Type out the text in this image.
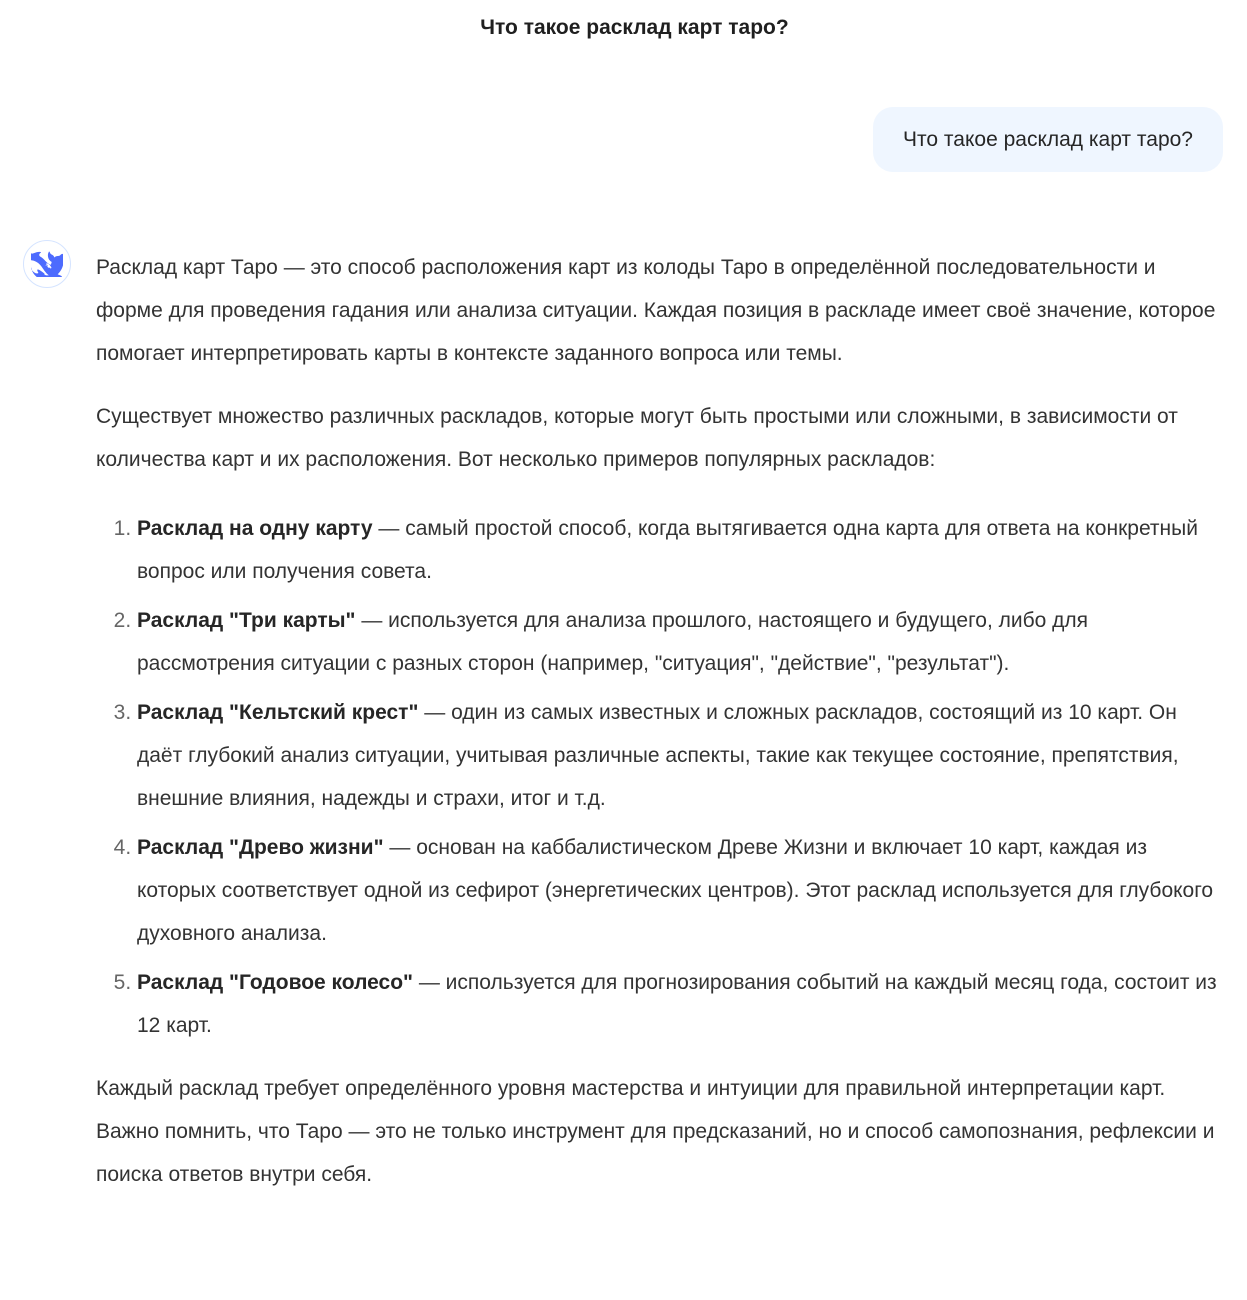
Что такое расклад карт таро?
Что такое расклад карт таро?

Расклад карт Таро — это способ расположения карт из колоды Таро в определённой последовательности и форме для проведения гадания или анализа ситуации. Каждая позиция в раскладе имеет своё значение, которое помогает интерпретировать карты в контексте заданного вопроса или темы.

Существует множество различных раскладов, которые могут быть простыми или сложными, в зависимости от количества карт и их расположения. Вот несколько примеров популярных раскладов:

1. Расклад на одну карту — самый простой способ, когда вытягивается одна карта для ответа на конкретный вопрос или получения совета.
2. Расклад "Три карты" — используется для анализа прошлого, настоящего и будущего, либо для рассмотрения ситуации с разных сторон (например, "ситуация", "действие", "результат").
3. Расклад "Кельтский крест" — один из самых известных и сложных раскладов, состоящий из 10 карт. Он даёт глубокий анализ ситуации, учитывая различные аспекты, такие как текущее состояние, препятствия, внешние влияния, надежды и страхи, итог и т.д.
4. Расклад "Древо жизни" — основан на каббалистическом Древе Жизни и включает 10 карт, каждая из которых соответствует одной из сефирот (энергетических центров). Этот расклад используется для глубокого духовного анализа.
5. Расклад "Годовое колесо" — используется для прогнозирования событий на каждый месяц года, состоит из 12 карт.

Каждый расклад требует определённого уровня мастерства и интуиции для правильной интерпретации карт. Важно помнить, что Таро — это не только инструмент для предсказаний, но и способ самопознания, рефлексии и поиска ответов внутри себя.
